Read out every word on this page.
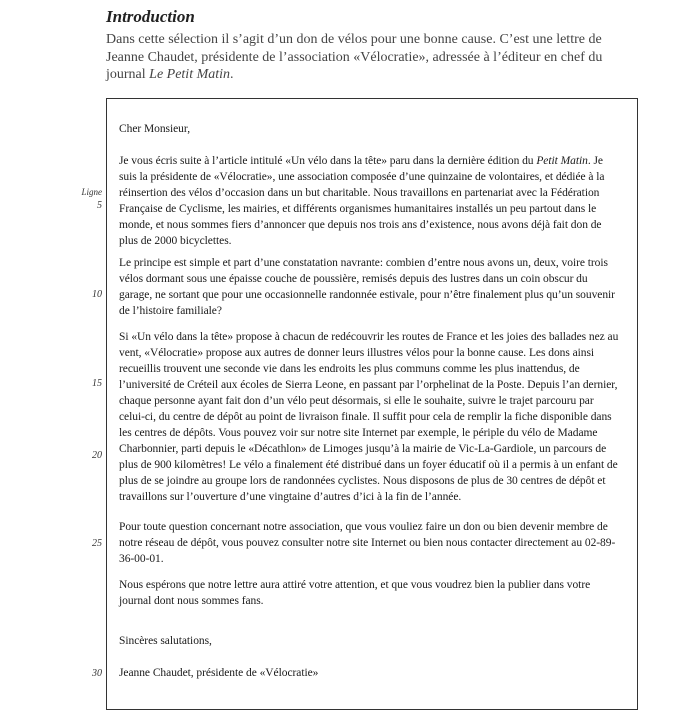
Introduction

Dans cette sélection il s’agit d’un don de vélos pour une bonne cause. C’est une lettre de Jeanne Chaudet, présidente de l’association «Vélocratie», adressée à l’éditeur en chef du journal Le Petit Matin.

Cher Monsieur,

Je vous écris suite à l’article intitulé «Un vélo dans la tête» paru dans la dernière édition du Petit Matin. Je suis la présidente de «Vélocratie», une association composée d’une quinzaine de volontaires, et dédiée à la réinsertion des vélos d’occasion dans un but charitable. Nous travaillons en partenariat avec la Fédération Française de Cyclisme, les mairies, et différents organismes humanitaires installés un peu partout dans le monde, et nous sommes fiers d’annoncer que depuis nos trois ans d’existence, nous avons déjà fait don de plus de 2000 bicyclettes.

Le principe est simple et part d’une constatation navrante: combien d’entre nous avons un, deux, voire trois vélos dormant sous une épaisse couche de poussière, remisés depuis des lustres dans un coin obscur du garage, ne sortant que pour une occasionnelle randonnée estivale, pour n’être finalement plus qu’un souvenir de l’histoire familiale?

Si «Un vélo dans la tête» propose à chacun de redécouvrir les routes de France et les joies des ballades nez au vent, «Vélocratie» propose aux autres de donner leurs illustres vélos pour la bonne cause. Les dons ainsi recueillis trouvent une seconde vie dans les endroits les plus communs comme les plus inattendus, de l’université de Créteil aux écoles de Sierra Leone, en passant par l’orphelinat de la Poste. Depuis l’an dernier, chaque personne ayant fait don d’un vélo peut désormais, si elle le souhaite, suivre le trajet parcouru par celui-ci, du centre de dépôt au point de livraison finale. Il suffit pour cela de remplir la fiche disponible dans les centres de dépôts. Vous pouvez voir sur notre site Internet par exemple, le périple du vélo de Madame Charbonnier, parti depuis le «Décathlon» de Limoges jusqu’à la mairie de Vic-La-Gardiole, un parcours de plus de 900 kilomètres! Le vélo a finalement été distribué dans un foyer éducatif où il a permis à un enfant de plus de se joindre au groupe lors de randonnées cyclistes. Nous disposons de plus de 30 centres de dépôt et travaillons sur l’ouverture d’une vingtaine d’autres d’ici à la fin de l’année.

Pour toute question concernant notre association, que vous vouliez faire un don ou bien devenir membre de notre réseau de dépôt, vous pouvez consulter notre site Internet ou bien nous contacter directement au 02-89-36-00-01.

Nous espérons que notre lettre aura attiré votre attention, et que vous voudrez bien la publier dans votre journal dont nous sommes fans.

Sincères salutations,

Jeanne Chaudet, présidente de «Vélocratie»

Ligne
5
10
15
20
25
30
